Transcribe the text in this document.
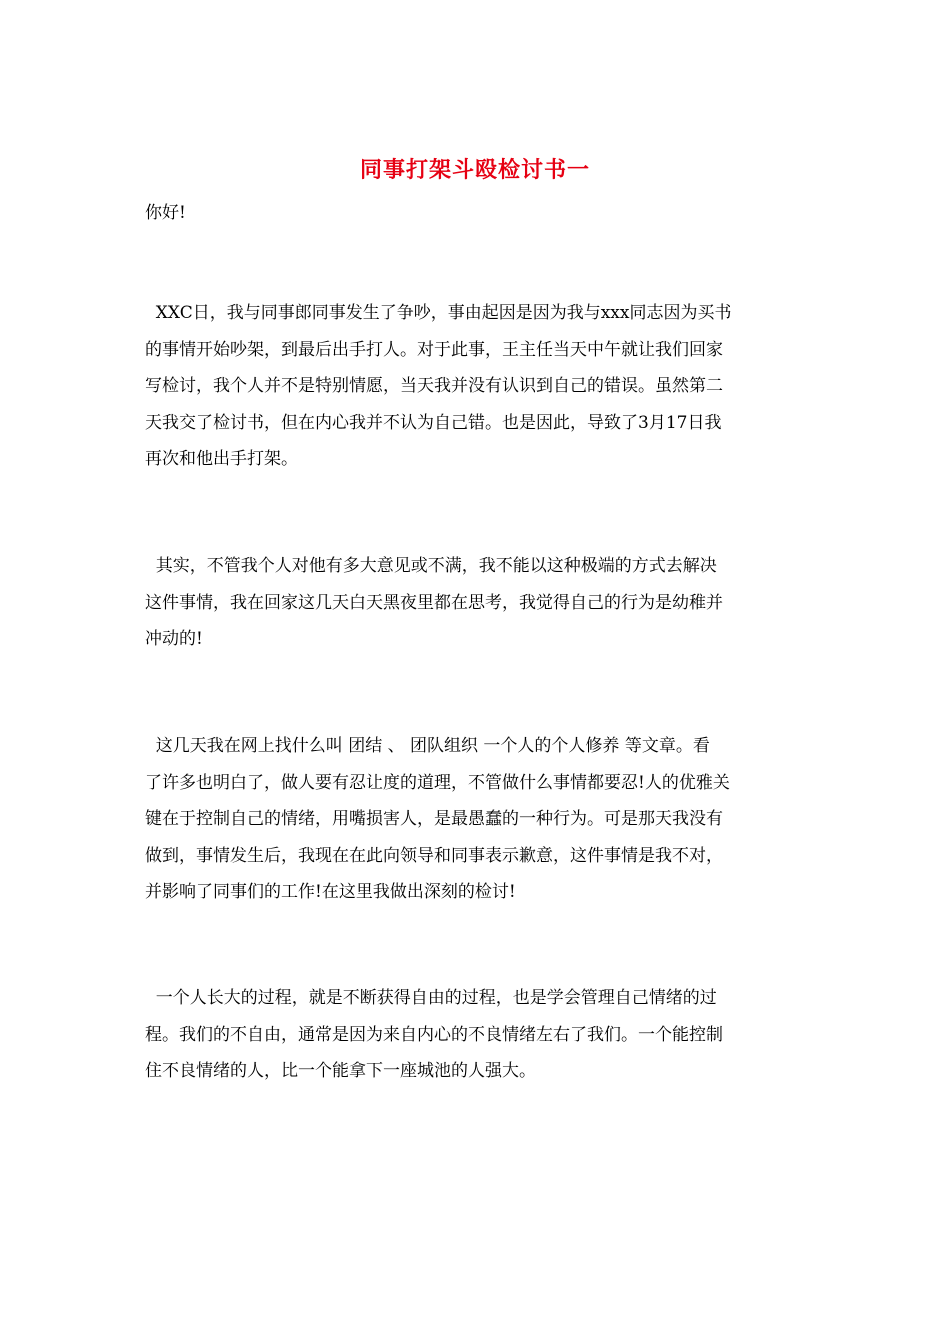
同事打架斗殴检讨书一
你好!

XXC日，我与同事郎同事发生了争吵，事由起因是因为我与xxx同志因为买书
的事情开始吵架，到最后出手打人。对于此事，王主任当天中午就让我们回家
写检讨，我个人并不是特别情愿，当天我并没有认识到自己的错误。虽然第二
天我交了检讨书，但在内心我并不认为自己错。也是因此，导致了3月17日我
再次和他出手打架。

其实，不管我个人对他有多大意见或不满，我不能以这种极端的方式去解决
这件事情，我在回家这几天白天黑夜里都在思考，我觉得自己的行为是幼稚并
冲动的!

这几天我在网上找什么叫 团结 、 团队组织 一个人的个人修养 等文章。看
了许多也明白了，做人要有忍让度的道理，不管做什么事情都要忍!人的优雅关
键在于控制自己的情绪，用嘴损害人，是最愚蠢的一种行为。可是那天我没有
做到，事情发生后，我现在在此向领导和同事表示歉意，这件事情是我不对，
并影响了同事们的工作!在这里我做出深刻的检讨!

一个人长大的过程，就是不断获得自由的过程，也是学会管理自己情绪的过
程。我们的不自由，通常是因为来自内心的不良情绪左右了我们。一个能控制
住不良情绪的人，比一个能拿下一座城池的人强大。
